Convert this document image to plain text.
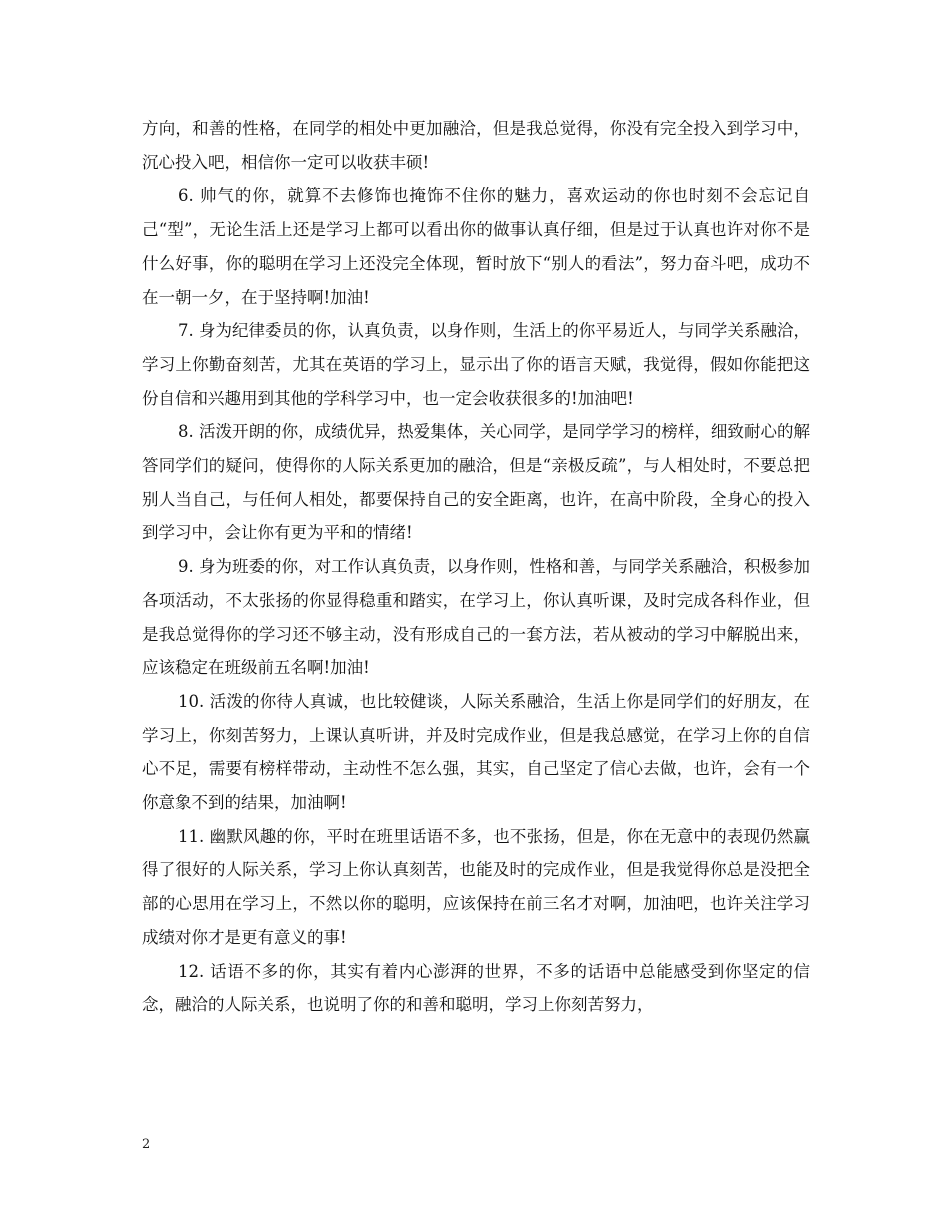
方向，和善的性格，在同学的相处中更加融洽，但是我总觉得，你没有完全投入到学习中，沉心投入吧，相信你一定可以收获丰硕!

6. 帅气的你，就算不去修饰也掩饰不住你的魅力，喜欢运动的你也时刻不会忘记自己“型”，无论生活上还是学习上都可以看出你的做事认真仔细，但是过于认真也许对你不是什么好事，你的聪明在学习上还没完全体现，暂时放下“别人的看法”，努力奋斗吧，成功不在一朝一夕，在于坚持啊!加油!

7. 身为纪律委员的你，认真负责，以身作则，生活上的你平易近人，与同学关系融洽，学习上你勤奋刻苦，尤其在英语的学习上，显示出了你的语言天赋，我觉得，假如你能把这份自信和兴趣用到其他的学科学习中，也一定会收获很多的!加油吧!

8. 活泼开朗的你，成绩优异，热爱集体，关心同学，是同学学习的榜样，细致耐心的解答同学们的疑问，使得你的人际关系更加的融洽，但是“亲极反疏”，与人相处时，不要总把别人当自己，与任何人相处，都要保持自己的安全距离，也许，在高中阶段，全身心的投入到学习中，会让你有更为平和的情绪!

9. 身为班委的你，对工作认真负责，以身作则，性格和善，与同学关系融洽，积极参加各项活动，不太张扬的你显得稳重和踏实，在学习上，你认真听课，及时完成各科作业，但是我总觉得你的学习还不够主动，没有形成自己的一套方法，若从被动的学习中解脱出来，应该稳定在班级前五名啊!加油!

10. 活泼的你待人真诚，也比较健谈，人际关系融洽，生活上你是同学们的好朋友，在学习上，你刻苦努力，上课认真听讲，并及时完成作业，但是我总感觉，在学习上你的自信心不足，需要有榜样带动，主动性不怎么强，其实，自己坚定了信心去做，也许，会有一个你意象不到的结果，加油啊!

11. 幽默风趣的你，平时在班里话语不多，也不张扬，但是，你在无意中的表现仍然赢得了很好的人际关系，学习上你认真刻苦，也能及时的完成作业，但是我觉得你总是没把全部的心思用在学习上，不然以你的聪明，应该保持在前三名才对啊，加油吧，也许关注学习成绩对你才是更有意义的事!

12. 话语不多的你，其实有着内心澎湃的世界，不多的话语中总能感受到你坚定的信念，融洽的人际关系，也说明了你的和善和聪明，学习上你刻苦努力，

2
